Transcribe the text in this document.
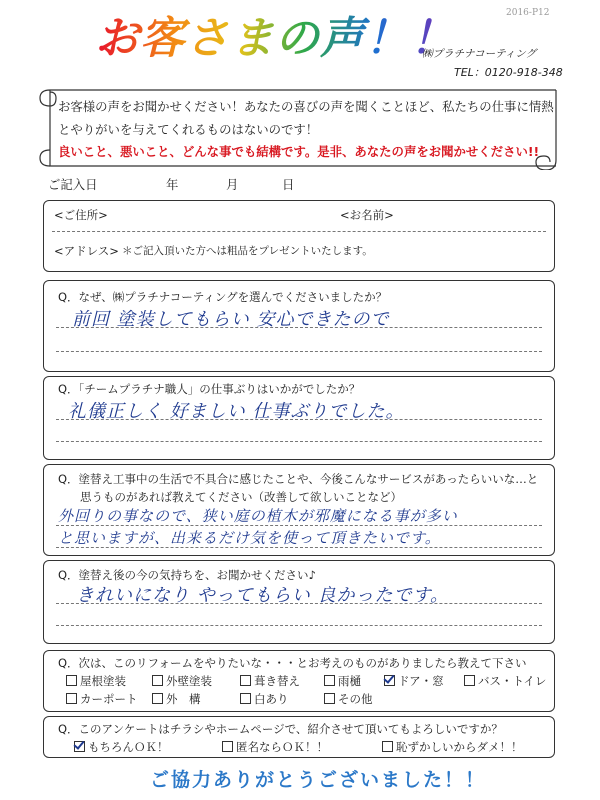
お客さまの声！！	2016-P12
㈱プラチナコーティング
TEL：0120-918-348
お客様の声をお聞かせください！あなたの喜びの声を聞くことほど、私たちの仕事に情熱とやりがいを与えてくれるものはないのです！
良いこと、悪いこと、どんな事でも結構です。是非、あなたの声をお聞かせください!!
ご記入日	年	月	日
<ご住所>	<お名前>
<アドレス> ＊ご記入頂いた方へは粗品をプレゼントいたします。
Q．なぜ、㈱プラチナコーティングを選んでくださいましたか？
前回 塗装してもらい 安心できたので
Q．「チームプラチナ職人」の仕事ぶりはいかがでしたか？
礼儀正しく 好ましい 仕事ぶりでした。
Q．塗替え工事中の生活で不具合に感じたことや、今後こんなサービスがあったらいいな…と
思うものがあれば教えてください（改善して欲しいことなど）
外回りの事なので、狭い庭の植木が邪魔になる事が多い
と思いますが、出来るだけ気を使って頂きたいです。
Q．塗替え後の今の気持ちを、お聞かせください♪
きれいになり やってもらい 良かったです。
Q．次は、このリフォームをやりたいな・・・とお考えのものがありましたら教えて下さい
屋根塗装	外壁塗装	葺き替え	雨樋	ドア・窓	バス・トイレ
カーポート	外　構	白あり	その他
Q．このアンケートはチラシやホームページで、紹介させて頂いてもよろしいですか？
もちろんＯＫ！	匿名ならＯＫ！！	恥ずかしいからダメ！！
ご協力ありがとうございました！！
